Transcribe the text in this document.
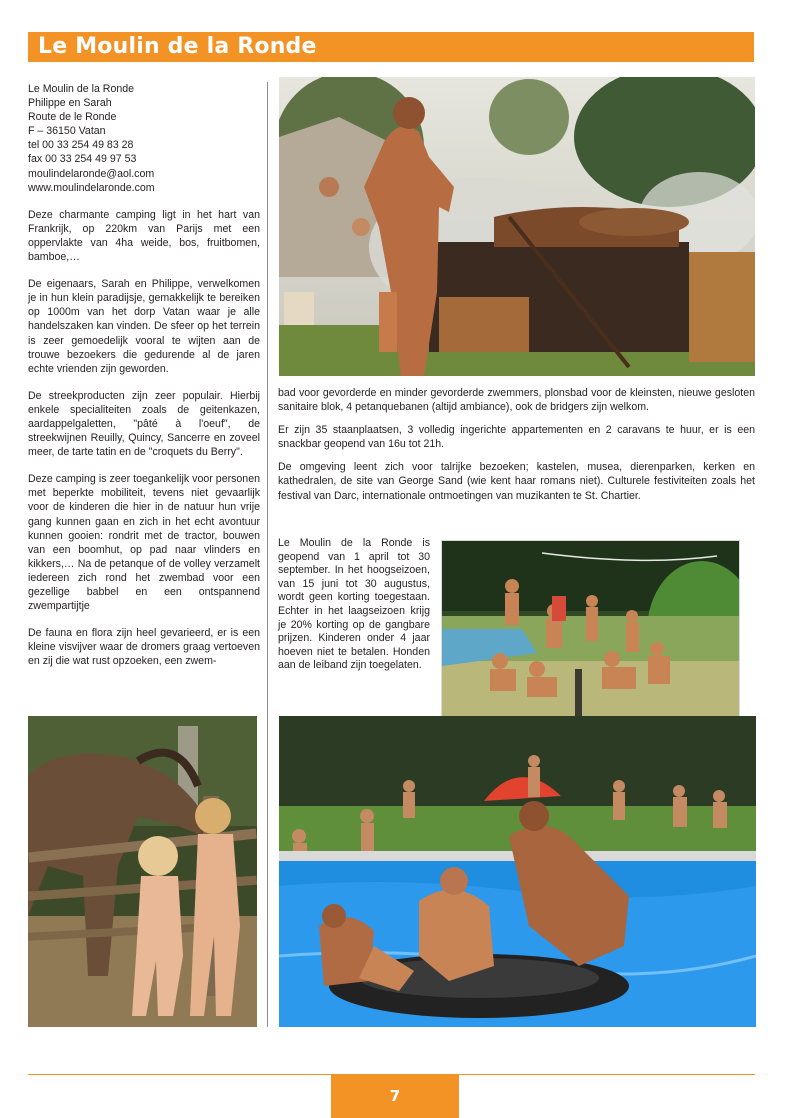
Le Moulin de la Ronde
Le Moulin de la Ronde
Philippe en Sarah
Route de le Ronde
F – 36150 Vatan
tel 00 33 254 49 83 28
fax 00 33 254 49 97 53
moulindelaronde@aol.com
www.moulindelaronde.com

Deze charmante camping ligt in het hart van Frankrijk, op 220km van Parijs met een oppervlakte van 4ha weide, bos, fruitbomen, bamboe,…

De eigenaars, Sarah en Philippe, verwelkomen je in hun klein paradijsje, gemakkelijk te bereiken op 1000m van het dorp Vatan waar je alle handelszaken kan vinden. De sfeer op het terrein is zeer gemoedelijk vooral te wijten aan de trouwe bezoekers die gedurende al de jaren echte vrienden zijn geworden.

De streekproducten zijn zeer populair. Hierbij enkele specialiteiten zoals de geitenkazen, aardappelgaletten, "pâté à l'oeuf", de streekwijnen Reuilly, Quincy, Sancerre en zoveel meer, de tarte tatin en de "croquets du Berry".

Deze camping is zeer toegankelijk voor personen met beperkte mobiliteit, tevens niet gevaarlijk voor de kinderen die hier in de natuur hun vrije gang kunnen gaan en zich in het echt avontuur kunnen gooien: rondrit met de tractor, bouwen van een boomhut, op pad naar vlinders en kikkers,… Na de petanque of de volley verzamelt iedereen zich rond het zwembad voor een gezellige babbel en een ontspannend zwempartijtje

De fauna en flora zijn heel gevarieerd, er is een kleine visvijver waar de dromers graag vertoeven en zij die wat rust opzoeken, een zwem-

bad voor gevorderde en minder gevorderde zwemmers, plonsbad voor de kleinsten, nieuwe gesloten sanitaire blok, 4 petanquebanen (altijd ambiance), ook de bridgers zijn welkom.

Er zijn 35 staanplaatsen, 3 volledig ingerichte appartementen en 2 caravans te huur, er is een snackbar geopend van 16u tot 21h.

De omgeving leent zich voor talrijke bezoeken; kastelen, musea, dierenparken, kerken en kathedralen, de site van George Sand (wie kent haar romans niet). Culturele festiviteiten zoals het festival van Darc, internationale ontmoetingen van muzikanten te St. Chartier.

Le Moulin de la Ronde is geopend van 1 april tot 30 september. In het hoogseizoen, van 15 juni tot 30 augustus, wordt geen korting toegestaan. Echter in het laagseizoen krijg je 20% korting op de gangbare prijzen. Kinderen onder 4 jaar hoeven niet te betalen. Honden aan de leiband zijn toegelaten.
7
